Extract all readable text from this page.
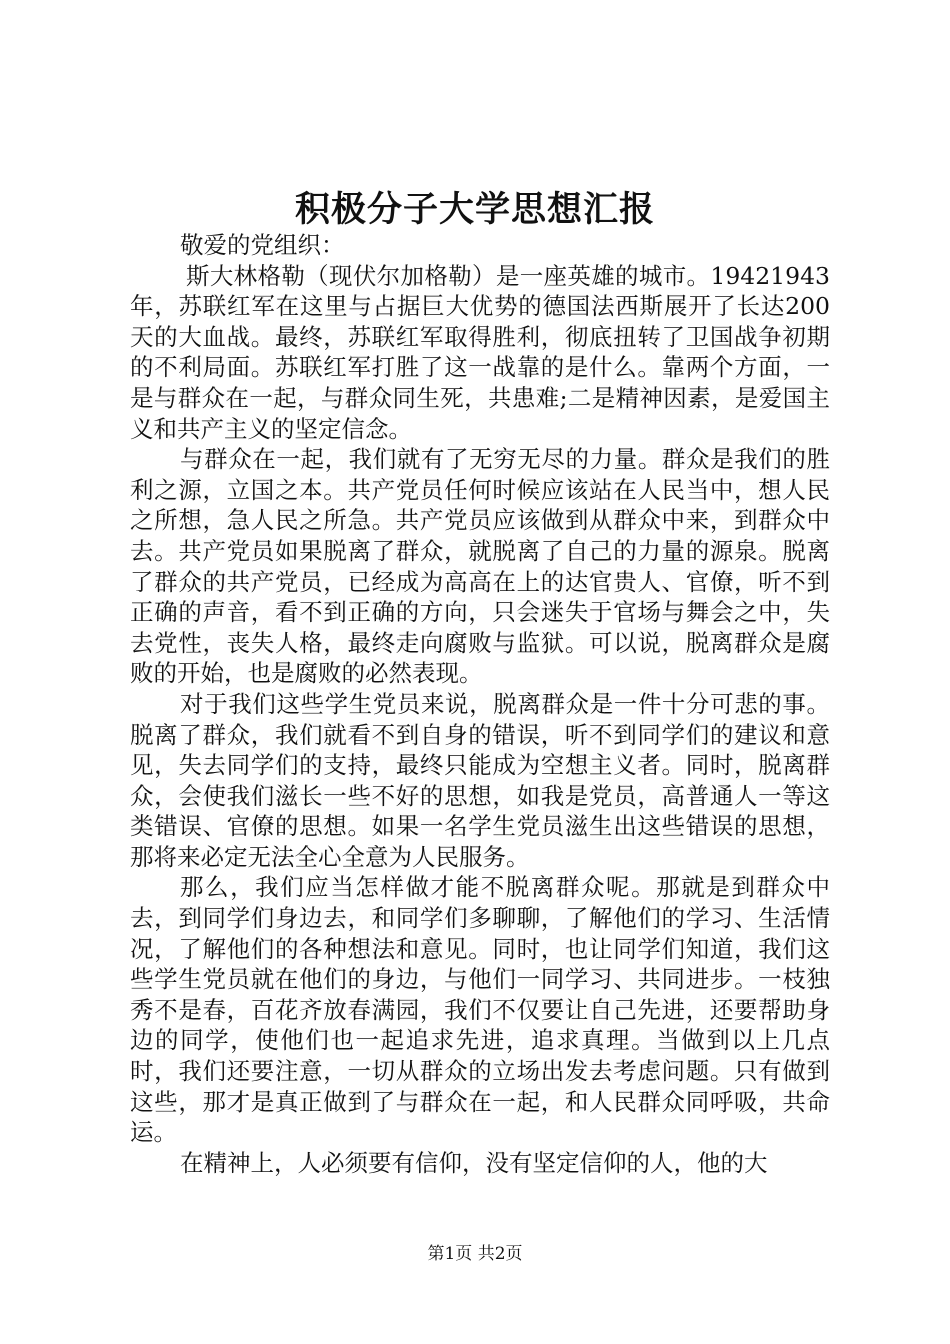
积极分子大学思想汇报

敬爱的党组织：

斯大林格勒（现伏尔加格勒）是一座英雄的城市。19421943年，苏联红军在这里与占据巨大优势的德国法西斯展开了长达200天的大血战。最终，苏联红军取得胜利，彻底扭转了卫国战争初期的不利局面。苏联红军打胜了这一战靠的是什么。靠两个方面，一是与群众在一起，与群众同生死，共患难;二是精神因素，是爱国主义和共产主义的坚定信念。

与群众在一起，我们就有了无穷无尽的力量。群众是我们的胜利之源，立国之本。共产党员任何时候应该站在人民当中，想人民之所想，急人民之所急。共产党员应该做到从群众中来，到群众中去。共产党员如果脱离了群众，就脱离了自己的力量的源泉。脱离了群众的共产党员，已经成为高高在上的达官贵人、官僚，听不到正确的声音，看不到正确的方向，只会迷失于官场与舞会之中，失去党性，丧失人格，最终走向腐败与监狱。可以说，脱离群众是腐败的开始，也是腐败的必然表现。

对于我们这些学生党员来说，脱离群众是一件十分可悲的事。脱离了群众，我们就看不到自身的错误，听不到同学们的建议和意见，失去同学们的支持，最终只能成为空想主义者。同时，脱离群众，会使我们滋长一些不好的思想，如我是党员，高普通人一等这类错误、官僚的思想。如果一名学生党员滋生出这些错误的思想，那将来必定无法全心全意为人民服务。

那么，我们应当怎样做才能不脱离群众呢。那就是到群众中去，到同学们身边去，和同学们多聊聊，了解他们的学习、生活情况，了解他们的各种想法和意见。同时，也让同学们知道，我们这些学生党员就在他们的身边，与他们一同学习、共同进步。一枝独秀不是春，百花齐放春满园，我们不仅要让自己先进，还要帮助身边的同学，使他们也一起追求先进，追求真理。当做到以上几点时，我们还要注意，一切从群众的立场出发去考虑问题。只有做到这些，那才是真正做到了与群众在一起，和人民群众同呼吸，共命运。

在精神上，人必须要有信仰，没有坚定信仰的人，他的大

第1页 共2页
